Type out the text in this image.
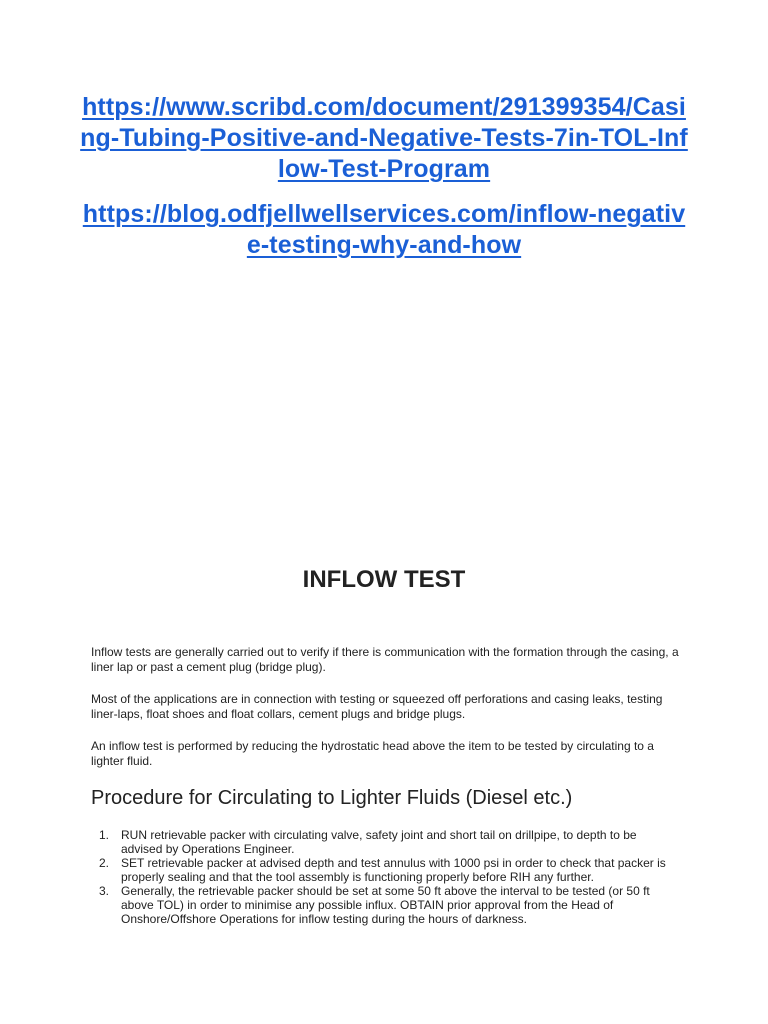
https://www.scribd.com/document/291399354/Casing-Tubing-Positive-and-Negative-Tests-7in-TOL-Inflow-Test-Program
https://blog.odfjellwellservices.com/inflow-negative-testing-why-and-how
INFLOW TEST

Inflow tests are generally carried out to verify if there is communication with the formation through the casing, a liner lap or past a cement plug (bridge plug).

Most of the applications are in connection with testing or squeezed off perforations and casing leaks, testing liner-laps, float shoes and float collars, cement plugs and bridge plugs.

An inflow test is performed by reducing the hydrostatic head above the item to be tested by circulating to a lighter fluid.

Procedure for Circulating to Lighter Fluids (Diesel etc.)
1.	RUN retrievable packer with circulating valve, safety joint and short tail on drillpipe, to depth to be advised by Operations Engineer.
2.	SET retrievable packer at advised depth and test annulus with 1000 psi in order to check that packer is properly sealing and that the tool assembly is functioning properly before RIH any further.
3.	Generally, the retrievable packer should be set at some 50 ft above the interval to be tested (or 50 ft above TOL) in order to minimise any possible influx. OBTAIN prior approval from the Head of Onshore/Offshore Operations for inflow testing during the hours of darkness.
